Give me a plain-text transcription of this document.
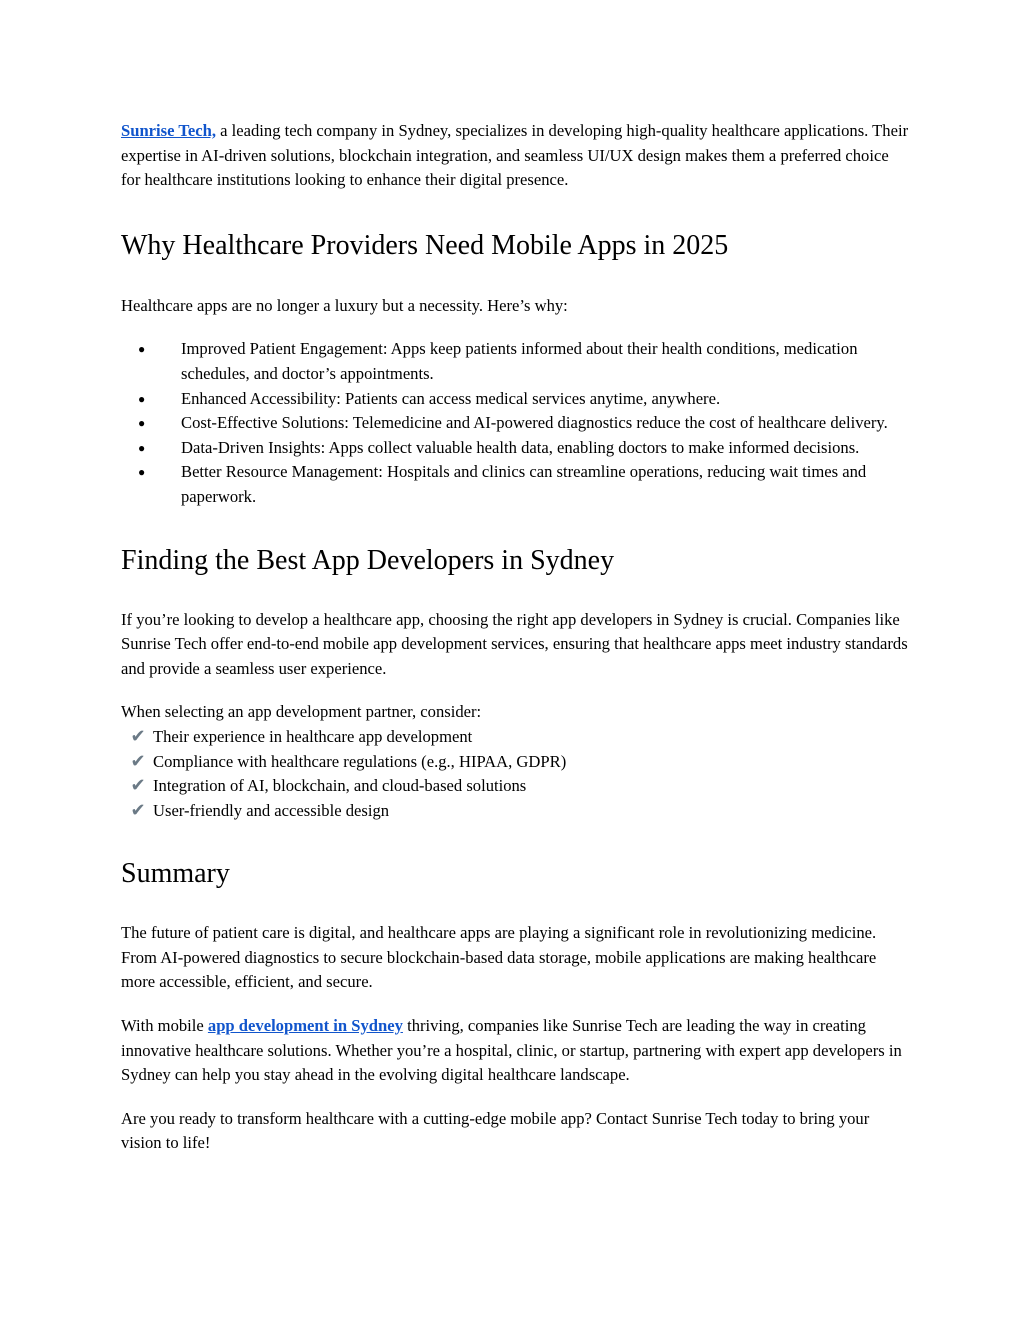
Sunrise Tech, a leading tech company in Sydney, specializes in developing high-quality healthcare applications. Their expertise in AI-driven solutions, blockchain integration, and seamless UI/UX design makes them a preferred choice for healthcare institutions looking to enhance their digital presence.

Why Healthcare Providers Need Mobile Apps in 2025

Healthcare apps are no longer a luxury but a necessity. Here’s why:

● Improved Patient Engagement: Apps keep patients informed about their health conditions, medication schedules, and doctor’s appointments.
● Enhanced Accessibility: Patients can access medical services anytime, anywhere.
● Cost-Effective Solutions: Telemedicine and AI-powered diagnostics reduce the cost of healthcare delivery.
● Data-Driven Insights: Apps collect valuable health data, enabling doctors to make informed decisions.
● Better Resource Management: Hospitals and clinics can streamline operations, reducing wait times and paperwork.
Finding the Best App Developers in Sydney

If you’re looking to develop a healthcare app, choosing the right app developers in Sydney is crucial. Companies like Sunrise Tech offer end-to-end mobile app development services, ensuring that healthcare apps meet industry standards and provide a seamless user experience.

When selecting an app development partner, consider:

✔ Their experience in healthcare app development
✔ Compliance with healthcare regulations (e.g., HIPAA, GDPR)
✔ Integration of AI, blockchain, and cloud-based solutions
✔ User-friendly and accessible design
Summary

The future of patient care is digital, and healthcare apps are playing a significant role in revolutionizing medicine. From AI-powered diagnostics to secure blockchain-based data storage, mobile applications are making healthcare more accessible, efficient, and secure.

With mobile app development in Sydney thriving, companies like Sunrise Tech are leading the way in creating innovative healthcare solutions. Whether you’re a hospital, clinic, or startup, partnering with expert app developers in Sydney can help you stay ahead in the evolving digital healthcare landscape.

Are you ready to transform healthcare with a cutting-edge mobile app? Contact Sunrise Tech today to bring your vision to life!
